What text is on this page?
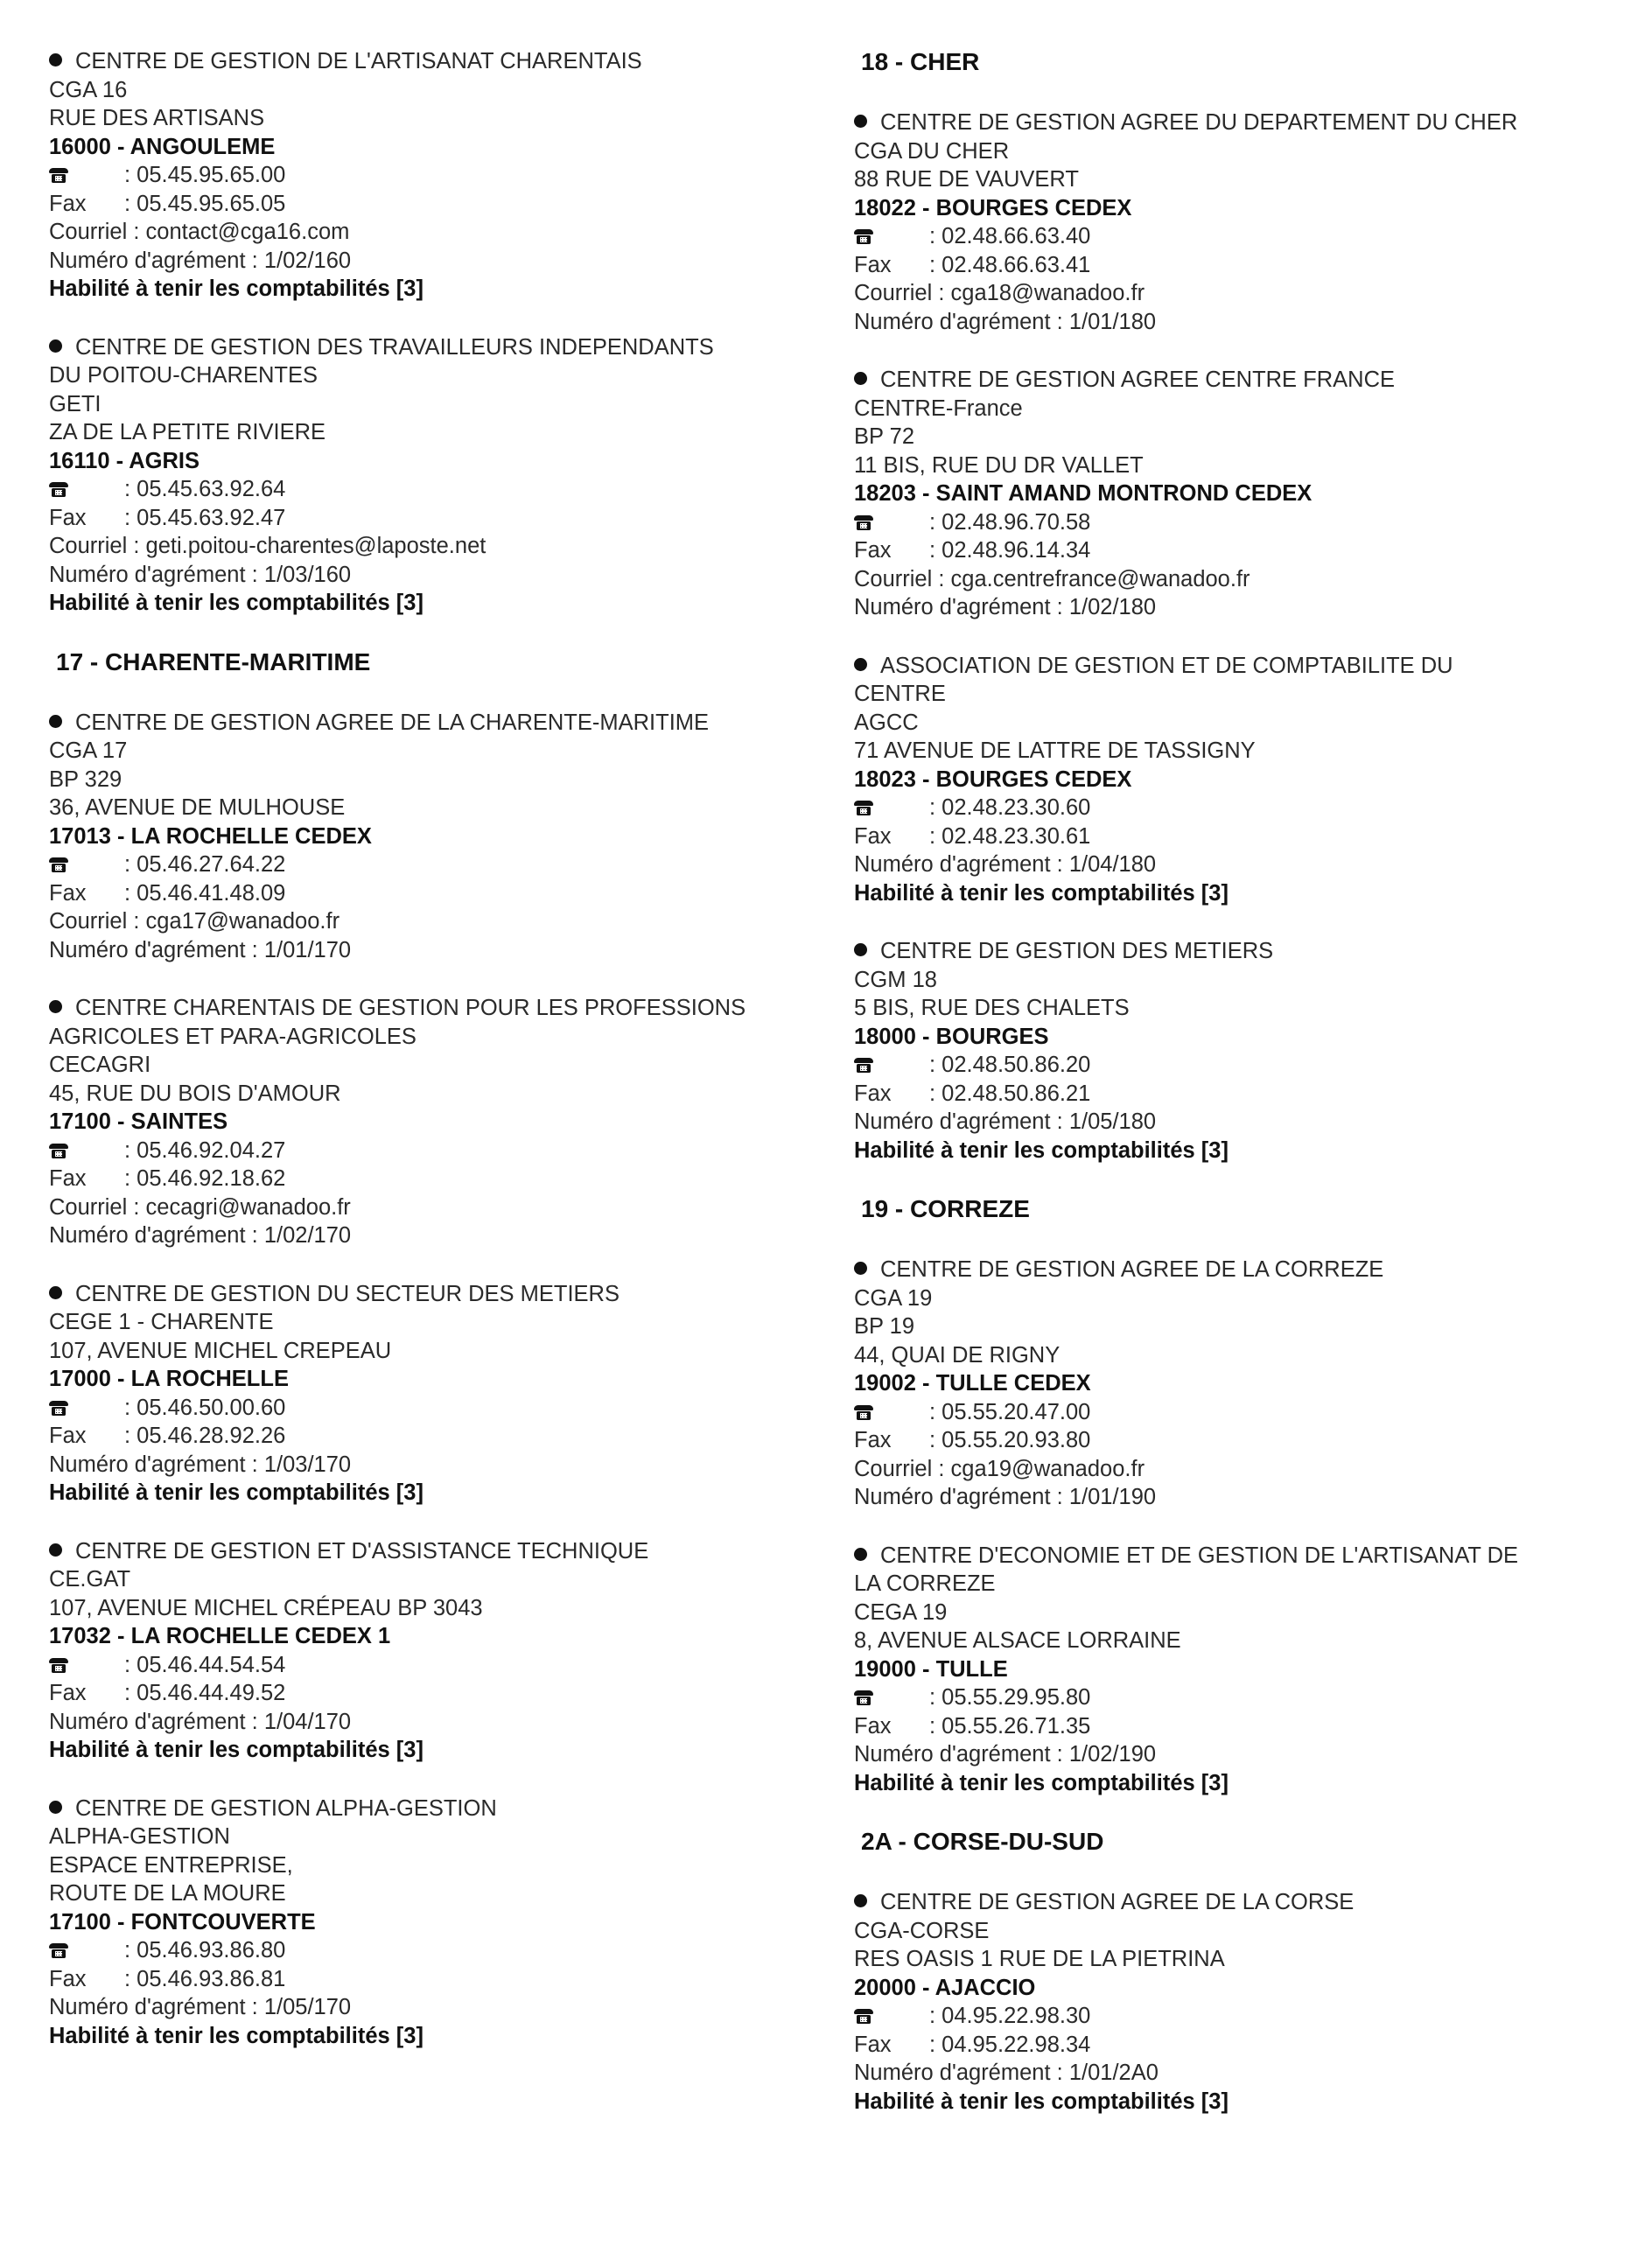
CENTRE DE GESTION DE L'ARTISANAT CHARENTAIS
CGA 16
RUE DES ARTISANS
16000 - ANGOULEME
: 05.45.95.65.00
Fax : 05.45.95.65.05
Courriel : contact@cga16.com
Numéro d'agrément : 1/02/160
Habilité à tenir les comptabilités [3]
CENTRE DE GESTION DES TRAVAILLEURS INDEPENDANTS
DU POITOU-CHARENTES
GETI
ZA DE LA PETITE RIVIERE
16110 - AGRIS
: 05.45.63.92.64
Fax : 05.45.63.92.47
Courriel : geti.poitou-charentes@laposte.net
Numéro d'agrément : 1/03/160
Habilité à tenir les comptabilités [3]
17 - CHARENTE-MARITIME
CENTRE DE GESTION AGREE DE LA CHARENTE-MARITIME
CGA 17
BP 329
36, AVENUE DE MULHOUSE
17013 - LA ROCHELLE CEDEX
: 05.46.27.64.22
Fax : 05.46.41.48.09
Courriel : cga17@wanadoo.fr
Numéro d'agrément : 1/01/170
CENTRE CHARENTAIS DE GESTION POUR LES PROFESSIONS
AGRICOLES ET PARA-AGRICOLES
CECAGRI
45, RUE DU BOIS D'AMOUR
17100 - SAINTES
: 05.46.92.04.27
Fax : 05.46.92.18.62
Courriel : cecagri@wanadoo.fr
Numéro d'agrément : 1/02/170
CENTRE DE GESTION DU SECTEUR DES METIERS
CEGE 1 - CHARENTE
107, AVENUE MICHEL CREPEAU
17000 - LA ROCHELLE
: 05.46.50.00.60
Fax : 05.46.28.92.26
Numéro d'agrément : 1/03/170
Habilité à tenir les comptabilités [3]
CENTRE DE GESTION ET D'ASSISTANCE TECHNIQUE
CE.GAT
107, AVENUE MICHEL CRÉPEAU BP 3043
17032 - LA ROCHELLE CEDEX 1
: 05.46.44.54.54
Fax : 05.46.44.49.52
Numéro d'agrément : 1/04/170
Habilité à tenir les comptabilités [3]
CENTRE DE GESTION ALPHA-GESTION
ALPHA-GESTION
ESPACE ENTREPRISE,
ROUTE DE LA MOURE
17100 - FONTCOUVERTE
: 05.46.93.86.80
Fax : 05.46.93.86.81
Numéro d'agrément : 1/05/170
Habilité à tenir les comptabilités [3]
18 - CHER
CENTRE DE GESTION AGREE DU DEPARTEMENT DU CHER
CGA DU CHER
88 RUE DE VAUVERT
18022 - BOURGES CEDEX
: 02.48.66.63.40
Fax : 02.48.66.63.41
Courriel : cga18@wanadoo.fr
Numéro d'agrément : 1/01/180
CENTRE DE GESTION AGREE CENTRE FRANCE
CENTRE-France
BP 72
11 BIS, RUE DU DR VALLET
18203 - SAINT AMAND MONTROND CEDEX
: 02.48.96.70.58
Fax : 02.48.96.14.34
Courriel : cga.centrefrance@wanadoo.fr
Numéro d'agrément : 1/02/180
ASSOCIATION DE GESTION ET DE COMPTABILITE DU
CENTRE
AGCC
71 AVENUE DE LATTRE DE TASSIGNY
18023 - BOURGES CEDEX
: 02.48.23.30.60
Fax : 02.48.23.30.61
Numéro d'agrément : 1/04/180
Habilité à tenir les comptabilités [3]
CENTRE DE GESTION DES METIERS
CGM 18
5 BIS, RUE DES CHALETS
18000 - BOURGES
: 02.48.50.86.20
Fax : 02.48.50.86.21
Numéro d'agrément : 1/05/180
Habilité à tenir les comptabilités [3]
19 - CORREZE
CENTRE DE GESTION AGREE DE LA CORREZE
CGA 19
BP 19
44, QUAI DE RIGNY
19002 - TULLE CEDEX
: 05.55.20.47.00
Fax : 05.55.20.93.80
Courriel : cga19@wanadoo.fr
Numéro d'agrément : 1/01/190
CENTRE D'ECONOMIE ET DE GESTION DE L'ARTISANAT DE
LA CORREZE
CEGA 19
8, AVENUE ALSACE LORRAINE
19000 - TULLE
: 05.55.29.95.80
Fax : 05.55.26.71.35
Numéro d'agrément : 1/02/190
Habilité à tenir les comptabilités [3]
2A - CORSE-DU-SUD
CENTRE DE GESTION AGREE DE LA CORSE
CGA-CORSE
RES OASIS 1 RUE DE LA PIETRINA
20000 - AJACCIO
: 04.95.22.98.30
Fax : 04.95.22.98.34
Numéro d'agrément : 1/01/2A0
Habilité à tenir les comptabilités [3]
